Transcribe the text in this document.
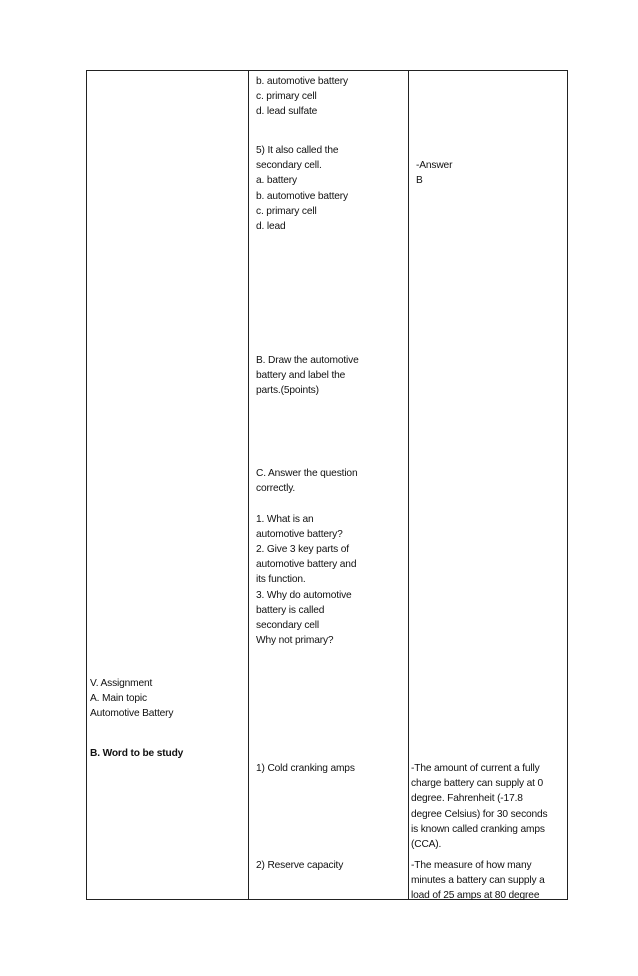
V. Assignment
A. Main topic
Automotive Battery
B. Word to be study
b. automotive battery
c. primary cell
d. lead sulfate
5) It also called the
secondary cell.
a. battery
b. automotive battery
c. primary cell
d. lead
B. Draw the automotive
battery and label the
parts.(5points)
C. Answer the question
correctly.
1. What is an
automotive battery?
2. Give 3 key parts of
automotive battery and
its function.
3. Why do automotive
battery is called
secondary cell
Why not primary?
1) Cold cranking amps
2) Reserve capacity
-Answer
B
-The amount of current a fully
charge battery can supply at 0
degree. Fahrenheit (-17.8
degree Celsius) for 30 seconds
is known called cranking amps
(CCA).
-The measure of how many
minutes a battery can supply a
load of 25 amps at 80 degree
